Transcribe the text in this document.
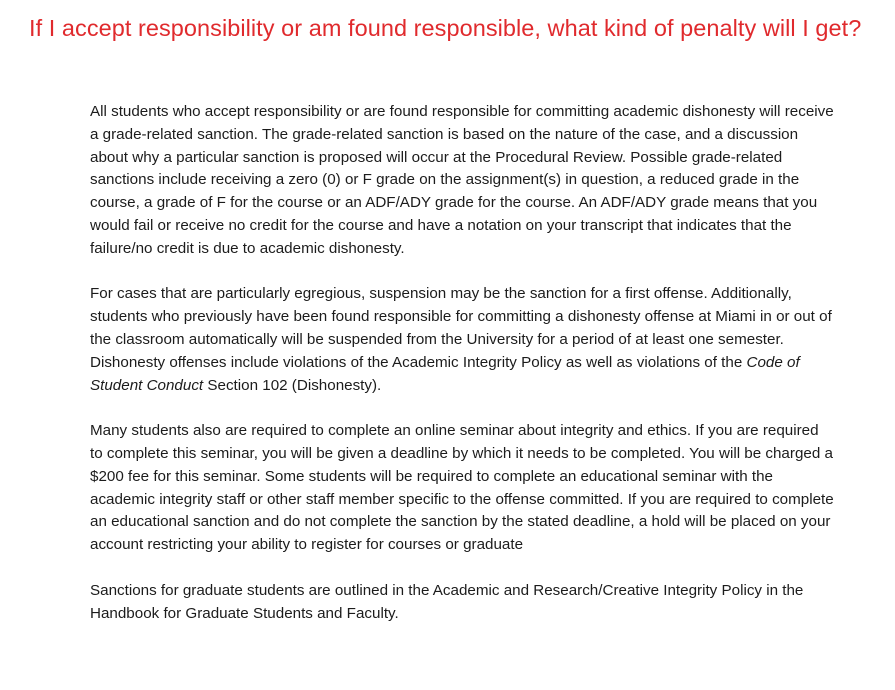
If I accept responsibility or am found responsible, what kind of penalty will I get?

All students who accept responsibility or are found responsible for committing academic dishonesty will receive a grade-related sanction. The grade-related sanction is based on the nature of the case, and a discussion about why a particular sanction is proposed will occur at the Procedural Review. Possible grade-related sanctions include receiving a zero (0) or F grade on the assignment(s) in question, a reduced grade in the course, a grade of F for the course or an ADF/ADY grade for the course. An ADF/ADY grade means that you would fail or receive no credit for the course and have a notation on your transcript that indicates that the failure/no credit is due to academic dishonesty.

For cases that are particularly egregious, suspension may be the sanction for a first offense. Additionally, students who previously have been found responsible for committing a dishonesty offense at Miami in or out of the classroom automatically will be suspended from the University for a period of at least one semester. Dishonesty offenses include violations of the Academic Integrity Policy as well as violations of the Code of Student Conduct Section 102 (Dishonesty).

Many students also are required to complete an online seminar about integrity and ethics. If you are required to complete this seminar, you will be given a deadline by which it needs to be completed. You will be charged a $200 fee for this seminar. Some students will be required to complete an educational seminar with the academic integrity staff or other staff member specific to the offense committed. If you are required to complete an educational sanction and do not complete the sanction by the stated deadline, a hold will be placed on your account restricting your ability to register for courses or graduate

Sanctions for graduate students are outlined in the Academic and Research/Creative Integrity Policy in the Handbook for Graduate Students and Faculty.
